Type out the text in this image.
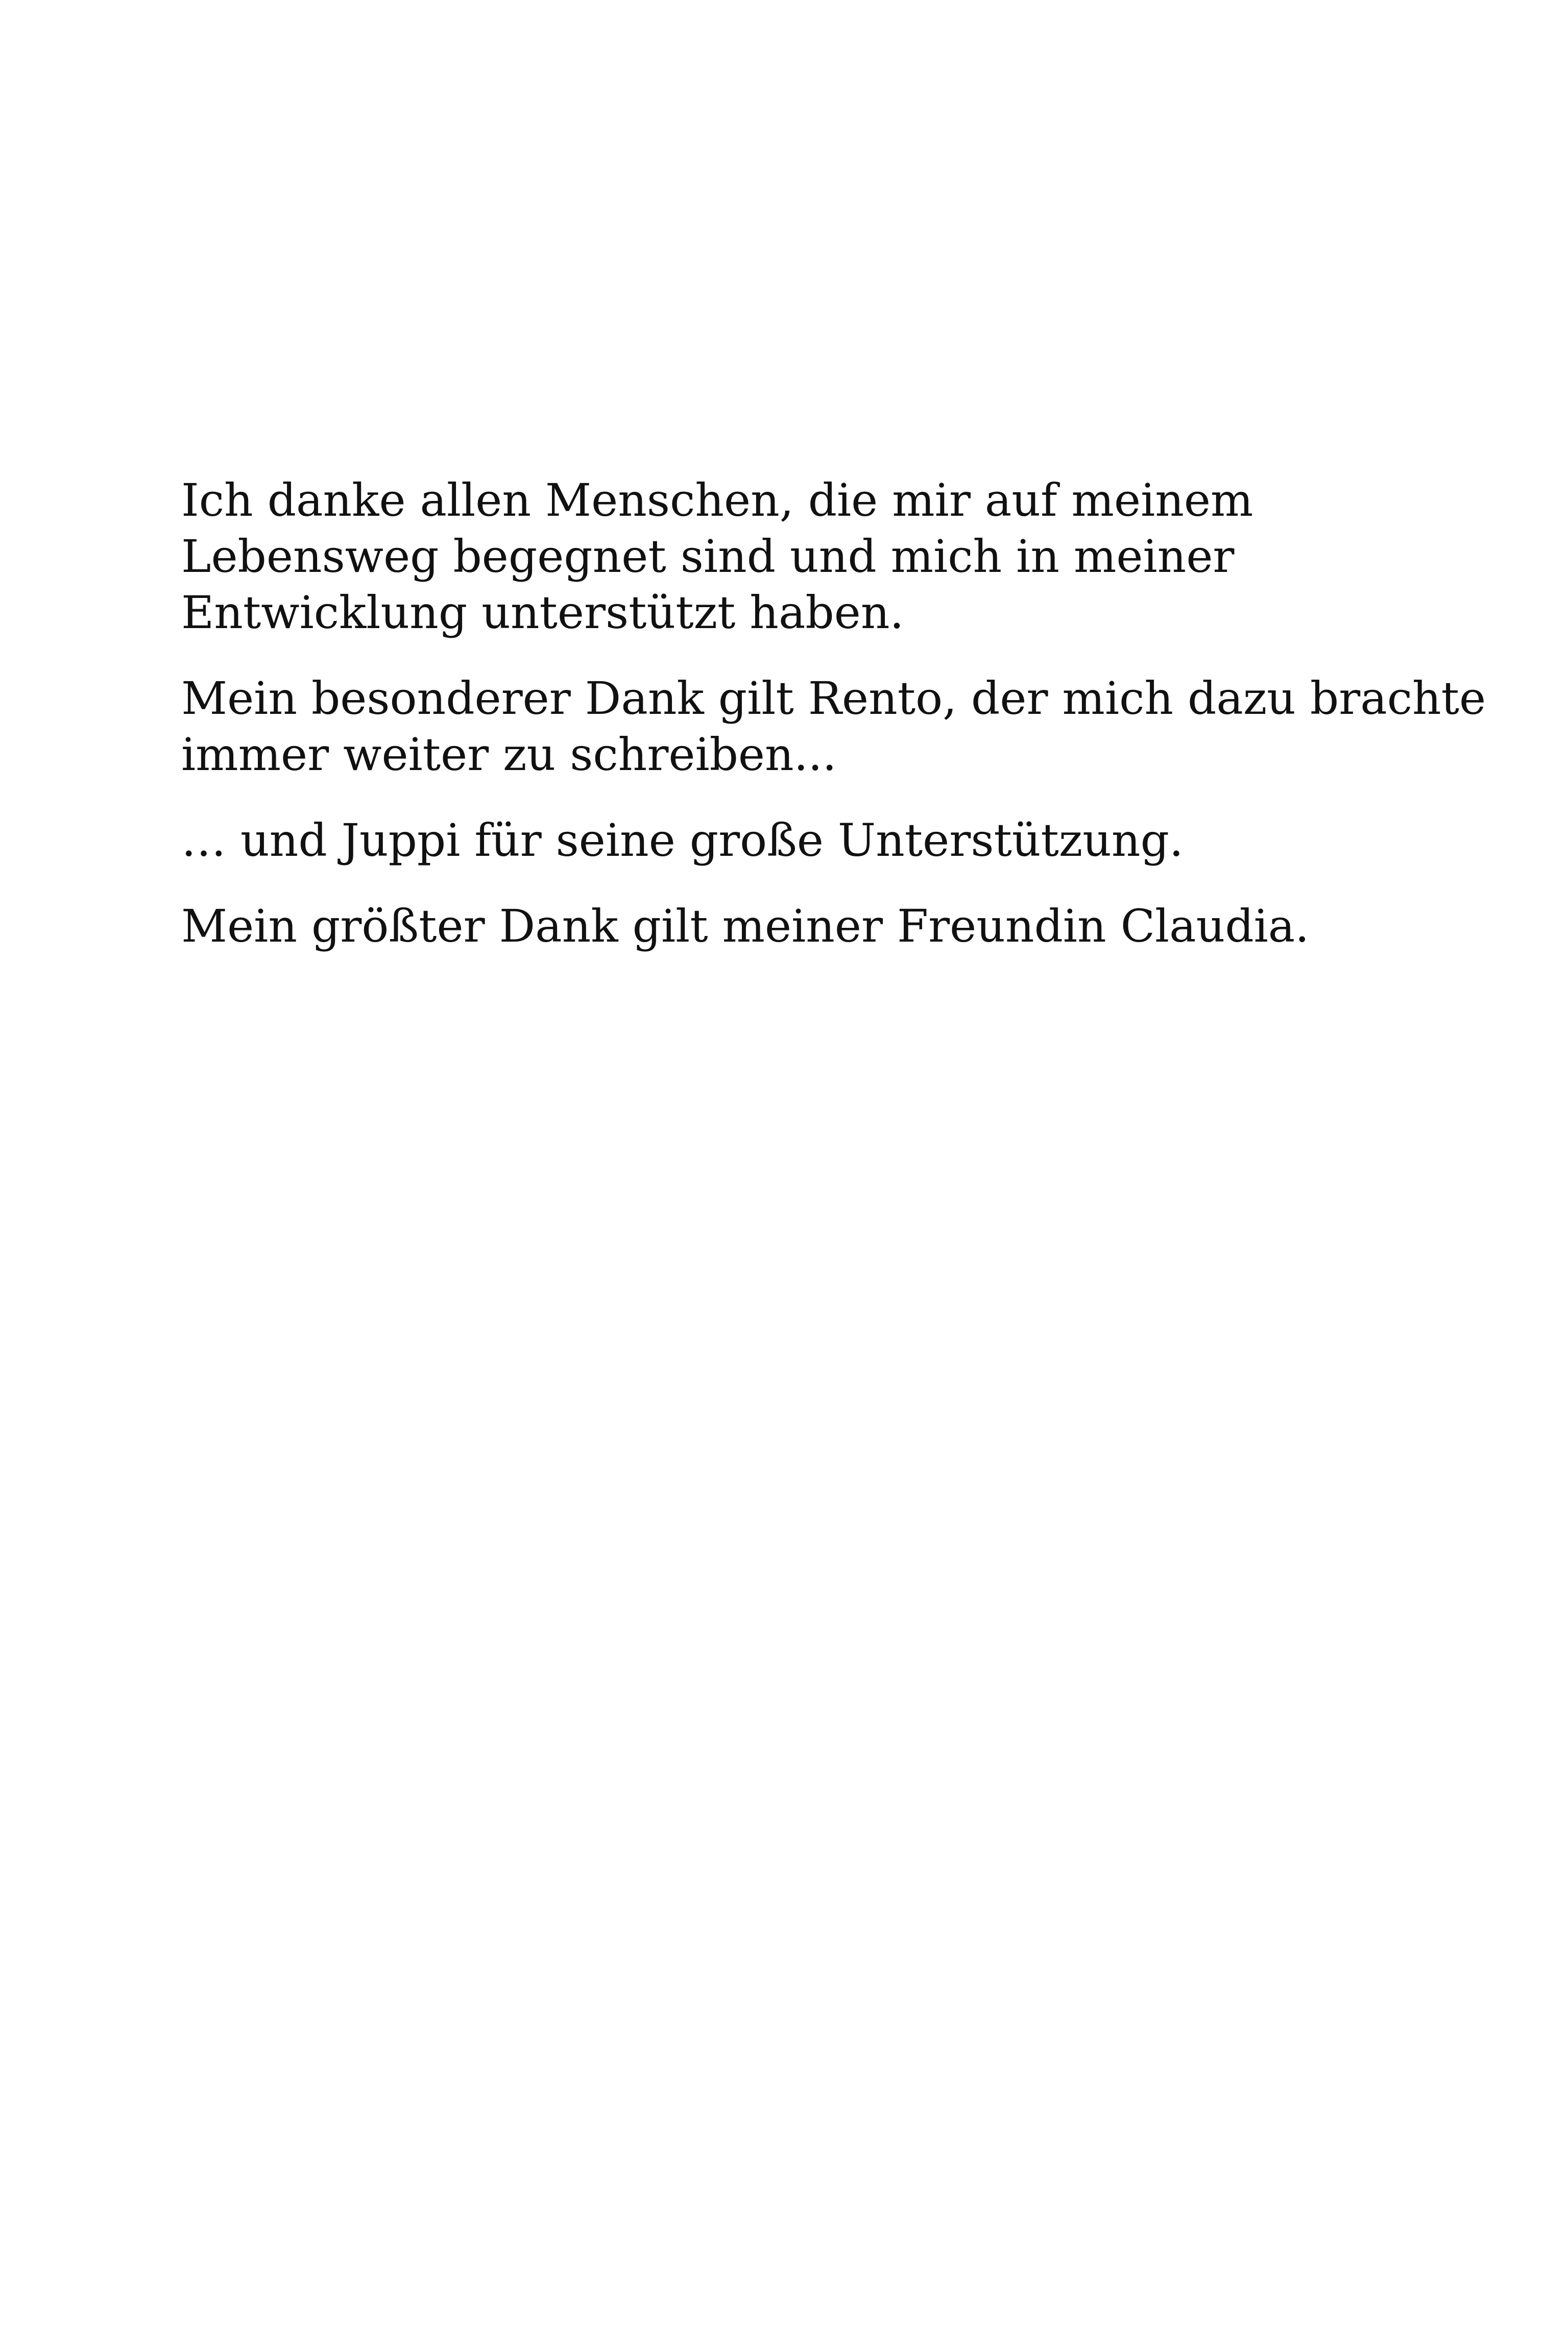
Ich danke allen Menschen, die mir auf meinem
Lebensweg begegnet sind und mich in meiner
Entwicklung unterstützt haben.

Mein besonderer Dank gilt Rento, der mich dazu brachte
immer weiter zu schreiben...

… und Juppi für seine große Unterstützung.

Mein größter Dank gilt meiner Freundin Claudia.
